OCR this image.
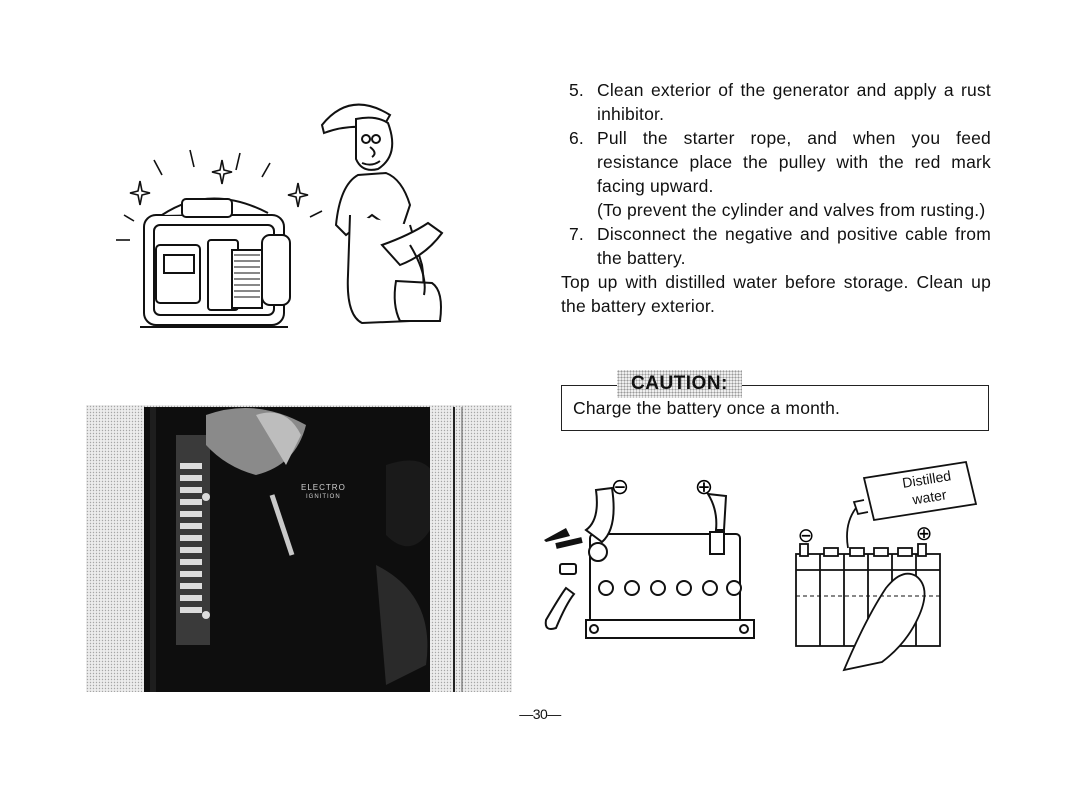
ELECTRO
IGNITION
5. Clean exterior of the generator and apply a rust inhibitor.
6. Pull the starter rope, and when you feed resistance place the pulley with the red mark facing upward.
(To prevent the cylinder and valves from rusting.)
7. Disconnect the negative and positive cable from the battery.
Top up with distilled water before storage. Clean up the battery exterior.
CAUTION:
Charge the battery once a month.
⊖	⊕
⊖	⊕
Distilled water
—30—
